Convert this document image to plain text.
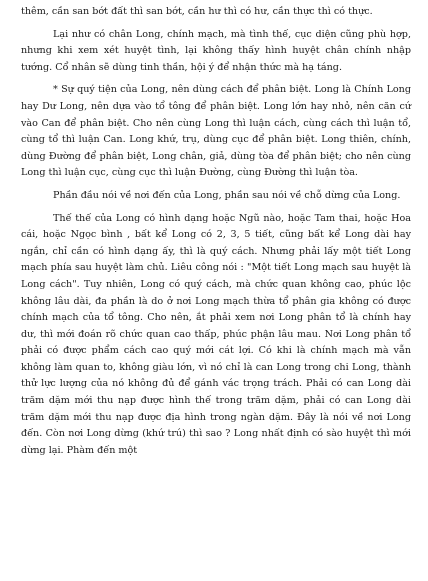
thêm, cần san bớt đất thì san bớt, cần hư thì có hư, cần thực thì có thực.

Lại như có chân Long, chính mạch, mà tình thế, cục diện cũng phù hợp, nhưng khi xem xét huyệt tình, lại không thấy hình huyệt chân chính nhập tướng. Cổ nhân sẽ dùng tinh thần, hội ý để nhận thức mà hạ táng.

* Sự quý tiện của Long, nên dùng cách để phân biệt. Long là Chính Long hay Dư Long, nên dựa vào tổ tông để phân biệt. Long lớn hay nhỏ, nên căn cứ vào Can để phân biệt. Cho nên cùng Long thì luận cách, cùng cách thì luận tổ, cùng tổ thì luận Can. Long khứ, trụ, dùng cục để phân biệt. Long thiên, chính, dùng Đường để phân biệt, Long chân, giả, dùng tòa để phân biệt; cho nên cùng Long thì luận cục, cùng cục thì luận Đường, cùng Đường thì luận tòa.

Phần đầu nói về nơi đến của Long, phần sau nói về chỗ dừng của Long.

Thế thế của Long có hình dạng hoặc Ngũ nào, hoặc Tam thai, hoặc Hoa cái, hoặc Ngọc bình , bất kể Long có 2, 3, 5 tiết, cũng bất kể Long dài hay ngắn, chỉ cần có hình dạng ấy, thì là quý cách. Nhưng phải lấy một tiết Long mạch phía sau huyệt làm chủ. Liêu công nói : "Một tiết Long mạch sau huyệt là Long cách". Tuy nhiên, Long có quý cách, mà chức quan không cao, phúc lộc không lâu dài, đa phần là do ở nơi Long mạch thừa tổ phân gia không có được chính mạch của tổ tông. Cho nên, ắt phải xem nơi Long phân tổ là chính hay dư, thì mới đoán rõ chức quan cao thấp, phúc phận lâu mau. Nơi Long phân tổ phải có được phẩm cách cao quý mới cát lợi. Có khi là chính mạch mà vẫn không làm quan to, không giàu lớn, vì nó chỉ là can Long trong chi Long, thành thử lực lượng của nó không đủ để gánh vác trọng trách. Phải có can Long dài trăm dặm mới thu nạp được hình thế trong trăm dặm, phải có can Long dài trăm dặm mới thu nạp được địa hình trong ngàn dặm. Đây là nói về nơi Long đến. Còn nơi Long dừng (khứ trú) thì sao ? Long nhất định có sào huyệt thì mới dừng lại. Phàm đến một
